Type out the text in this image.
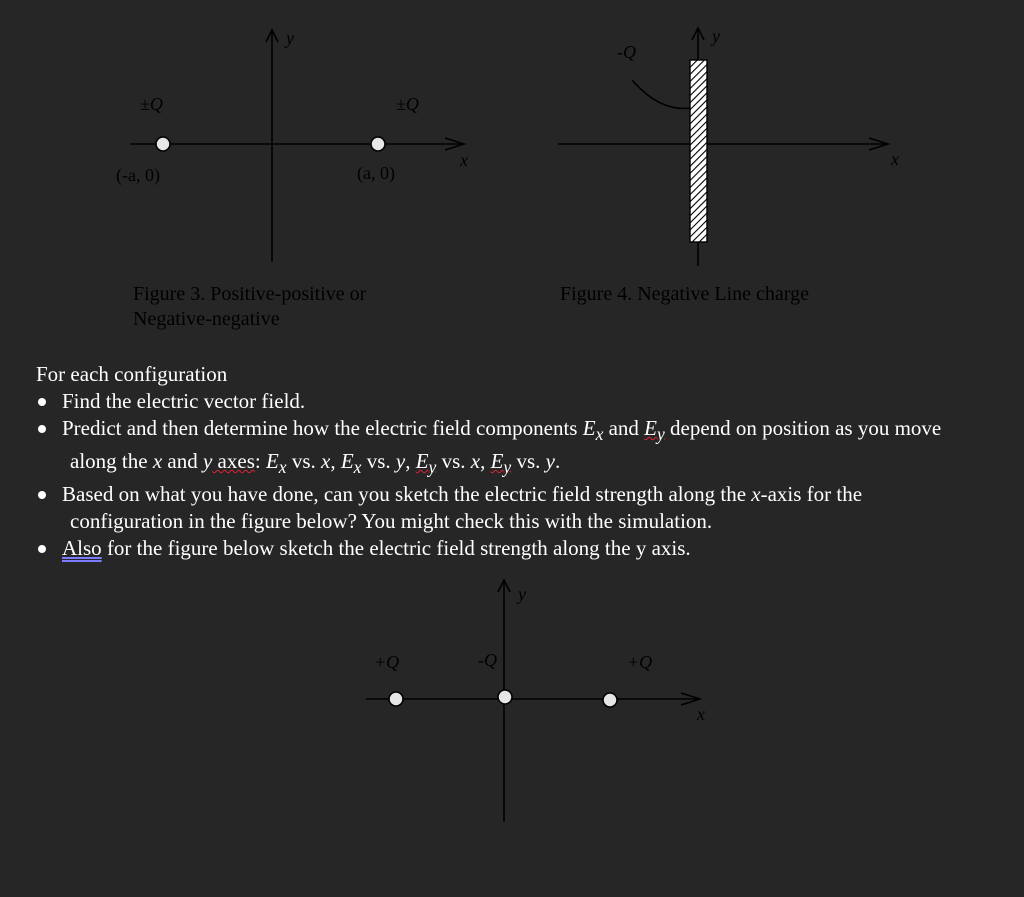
y
x
±Q	±Q
(-a, 0)	(a, 0)
y
x
-Q
y
x
+Q	-Q	+Q
Figure 3. Positive-positive or
Negative-negative
Figure 4. Negative Line charge
For each configuration
Find the electric vector field.
Predict and then determine how the electric field components $E_x$ and $E_y$ depend on position as you move
along the x and y axes: $E_x$ vs. x, $E_x$ vs. y, $E_y$ vs. x, $E_y$ vs. y.
Based on what you have done, can you sketch the electric field strength along the x-axis for the
configuration in the figure below? You might check this with the simulation.
Also for the figure below sketch the electric field strength along the y axis.
